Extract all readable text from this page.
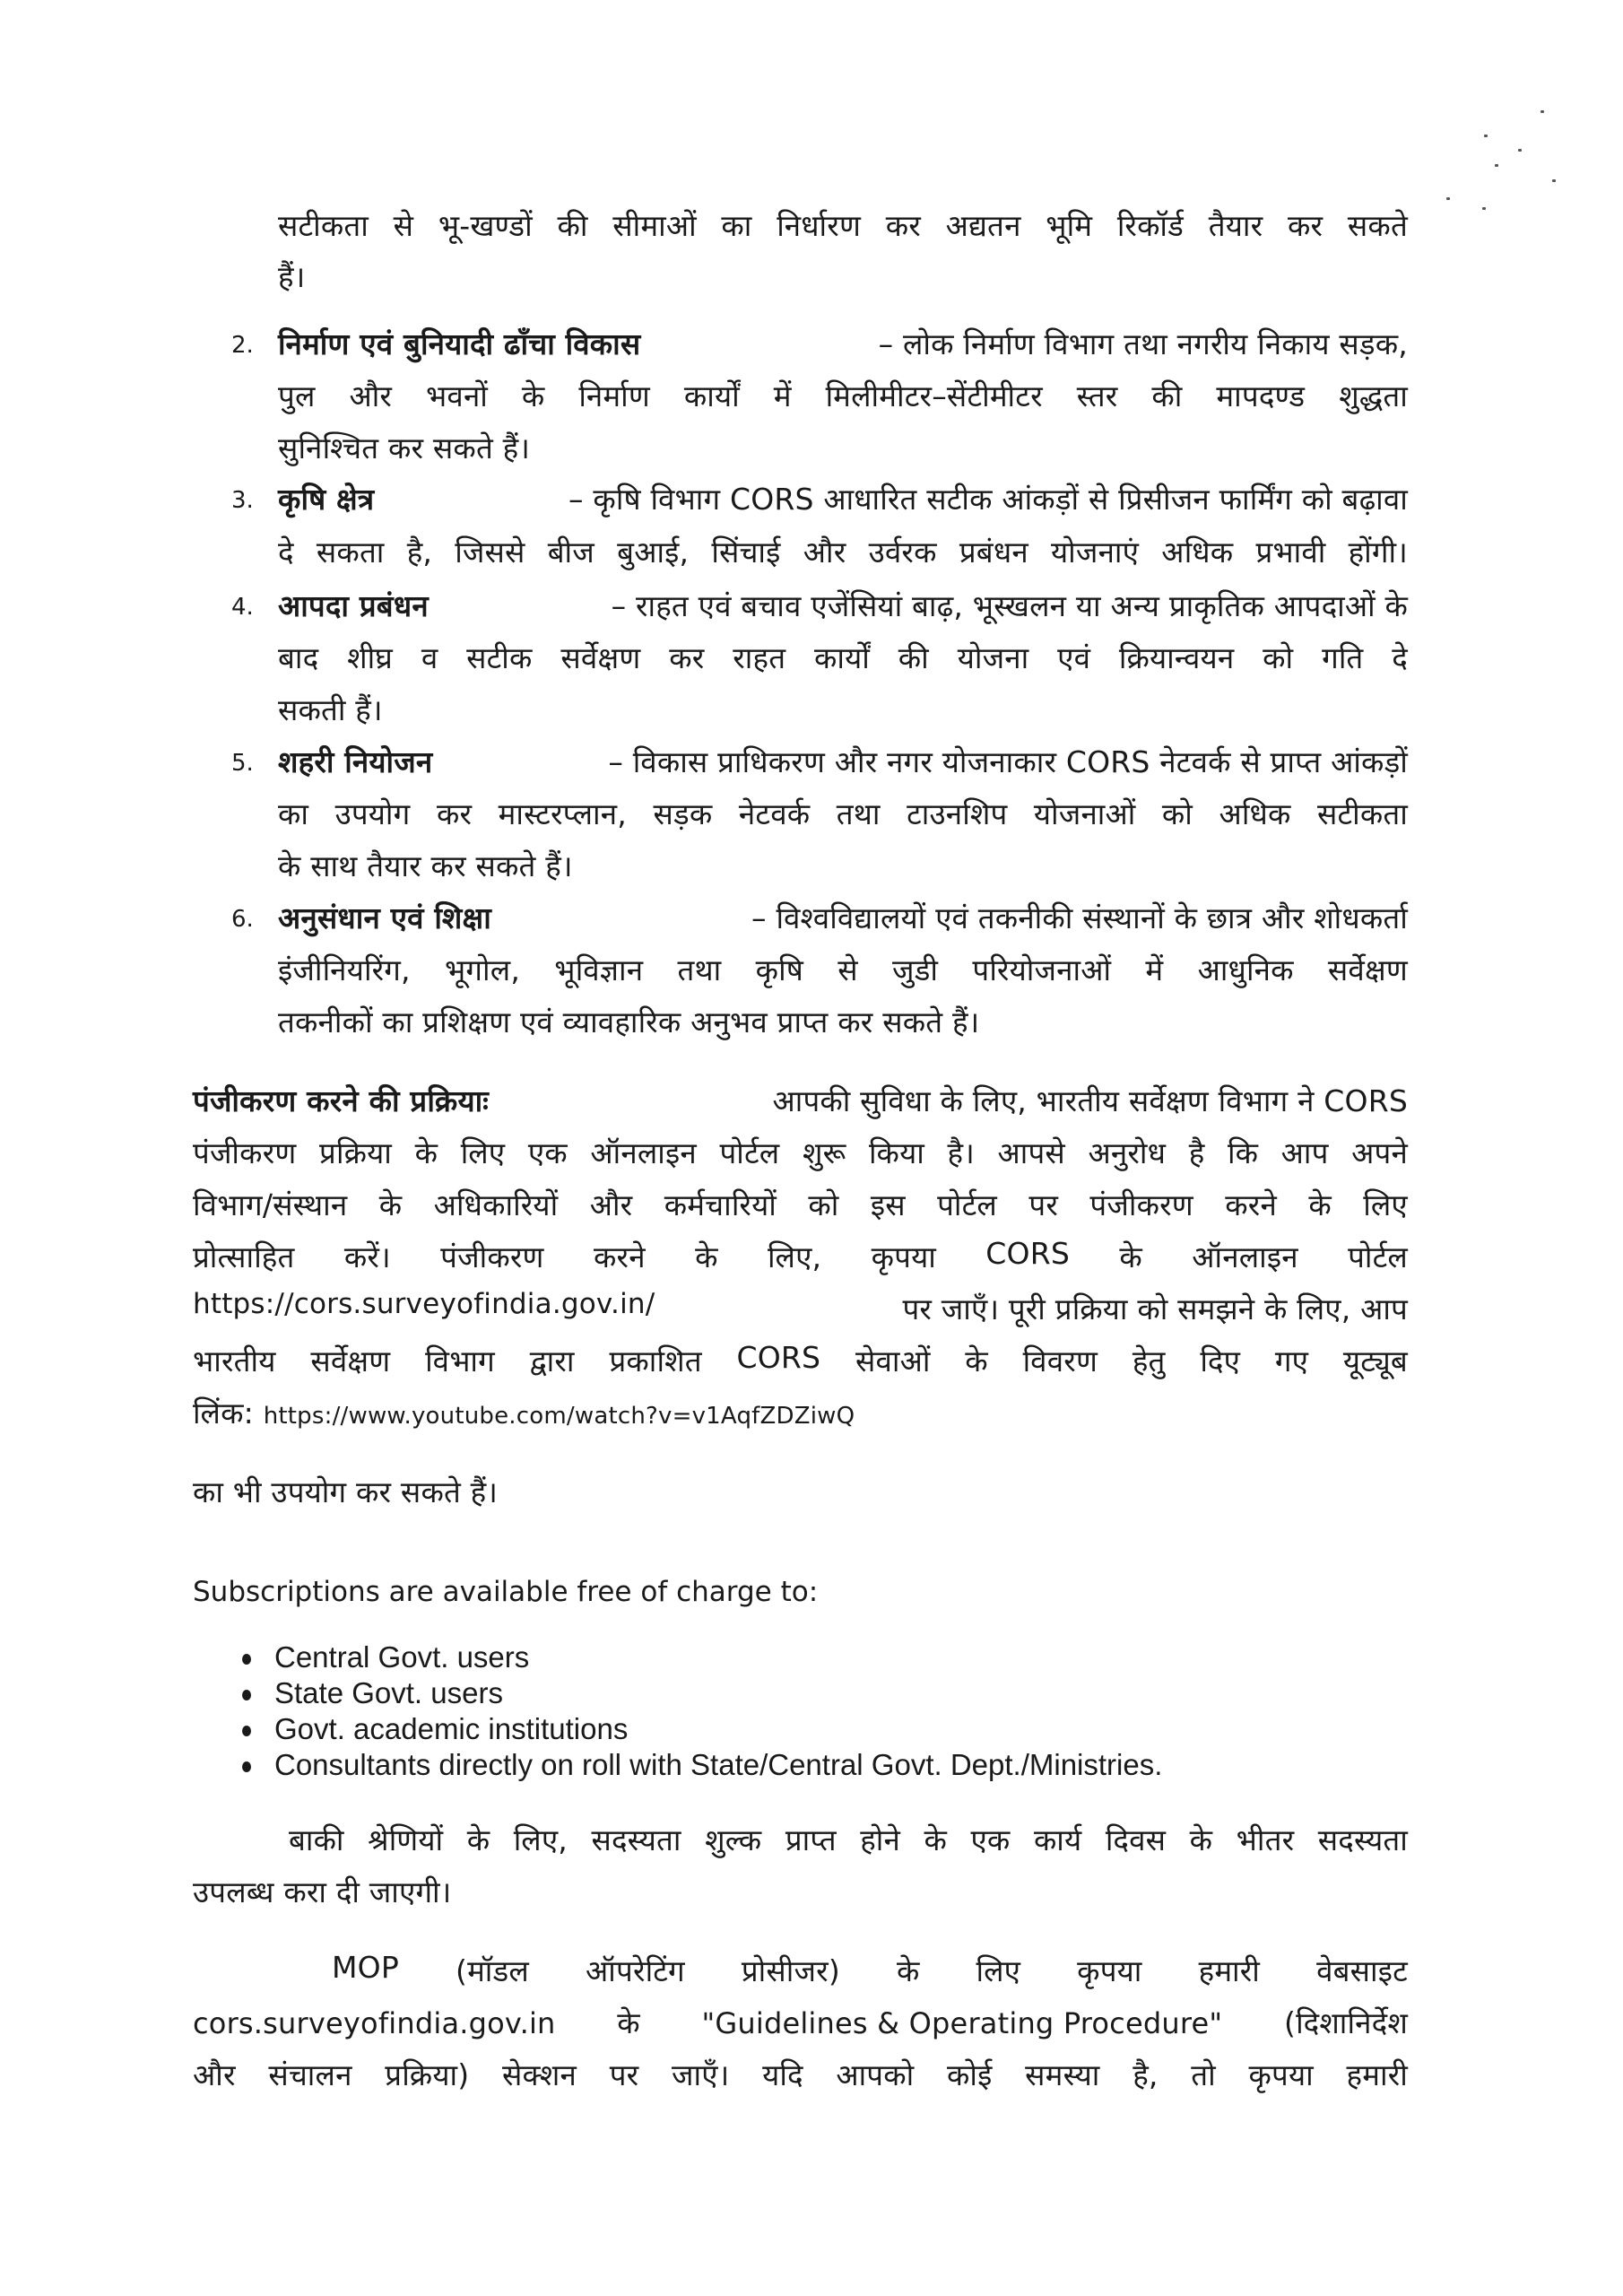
सटीकता से भू-खण्डों की सीमाओं का निर्धारण कर अद्यतन भूमि रिकॉर्ड तैयार कर सकते
हैं।
2. निर्माण एवं बुनियादी ढाँचा विकास	– लोक निर्माण विभाग तथा नगरीय निकाय सड़क,
पुल और भवनों के निर्माण कार्यों में मिलीमीटर–सेंटीमीटर स्तर की मापदण्ड शुद्धता
सुनिश्चित कर सकते हैं।
3. कृषि क्षेत्र	– कृषि विभाग CORS आधारित सटीक आंकड़ों से प्रिसीजन फार्मिंग को बढ़ावा
दे सकता है, जिससे बीज बुआई, सिंचाई और उर्वरक प्रबंधन योजनाएं अधिक प्रभावी होंगी।
4. आपदा प्रबंधन	– राहत एवं बचाव एजेंसियां बाढ़, भूस्खलन या अन्य प्राकृतिक आपदाओं के
बाद शीघ्र व सटीक सर्वेक्षण कर राहत कार्यों की योजना एवं क्रियान्वयन को गति दे
सकती हैं।
5. शहरी नियोजन	– विकास प्राधिकरण और नगर योजनाकार CORS नेटवर्क से प्राप्त आंकड़ों
का उपयोग कर मास्टरप्लान, सड़क नेटवर्क तथा टाउनशिप योजनाओं को अधिक सटीकता
के साथ तैयार कर सकते हैं।
6. अनुसंधान एवं शिक्षा	– विश्वविद्यालयों एवं तकनीकी संस्थानों के छात्र और शोधकर्ता
इंजीनियरिंग, भूगोल, भूविज्ञान तथा कृषि से जुडी परियोजनाओं में आधुनिक सर्वेक्षण
तकनीकों का प्रशिक्षण एवं व्यावहारिक अनुभव प्राप्त कर सकते हैं।
पंजीकरण करने की प्रक्रियाः	आपकी सुविधा के लिए, भारतीय सर्वेक्षण विभाग ने CORS
पंजीकरण प्रक्रिया के लिए एक ऑनलाइन पोर्टल शुरू किया है। आपसे अनुरोध है कि आप अपने
विभाग/संस्थान के अधिकारियों और कर्मचारियों को इस पोर्टल पर पंजीकरण करने के लिए
प्रोत्साहित करें। पंजीकरण करने के लिए, कृपया CORS के ऑनलाइन पोर्टल
https://cors.surveyofindia.gov.in/	पर जाएँ। पूरी प्रक्रिया को समझने के लिए, आप
भारतीय सर्वेक्षण विभाग द्वारा प्रकाशित CORS सेवाओं के विवरण हेतु दिए गए यूट्यूब
लिंक: https://www.youtube.com/watch?v=v1AqfZDZiwQ
का भी उपयोग कर सकते हैं।
Subscriptions are available free of charge to:
Central Govt. users
State Govt. users
Govt. academic institutions
Consultants directly on roll with State/Central Govt. Dept./Ministries.
बाकी श्रेणियों के लिए, सदस्यता शुल्क प्राप्त होने के एक कार्य दिवस के भीतर सदस्यता
उपलब्ध करा दी जाएगी।
MOP (मॉडल ऑपरेटिंग प्रोसीजर) के लिए कृपया हमारी वेबसाइट
cors.surveyofindia.gov.in के "Guidelines & Operating Procedure" (दिशानिर्देश
और संचालन प्रक्रिया) सेक्शन पर जाएँ। यदि आपको कोई समस्या है, तो कृपया हमारी
